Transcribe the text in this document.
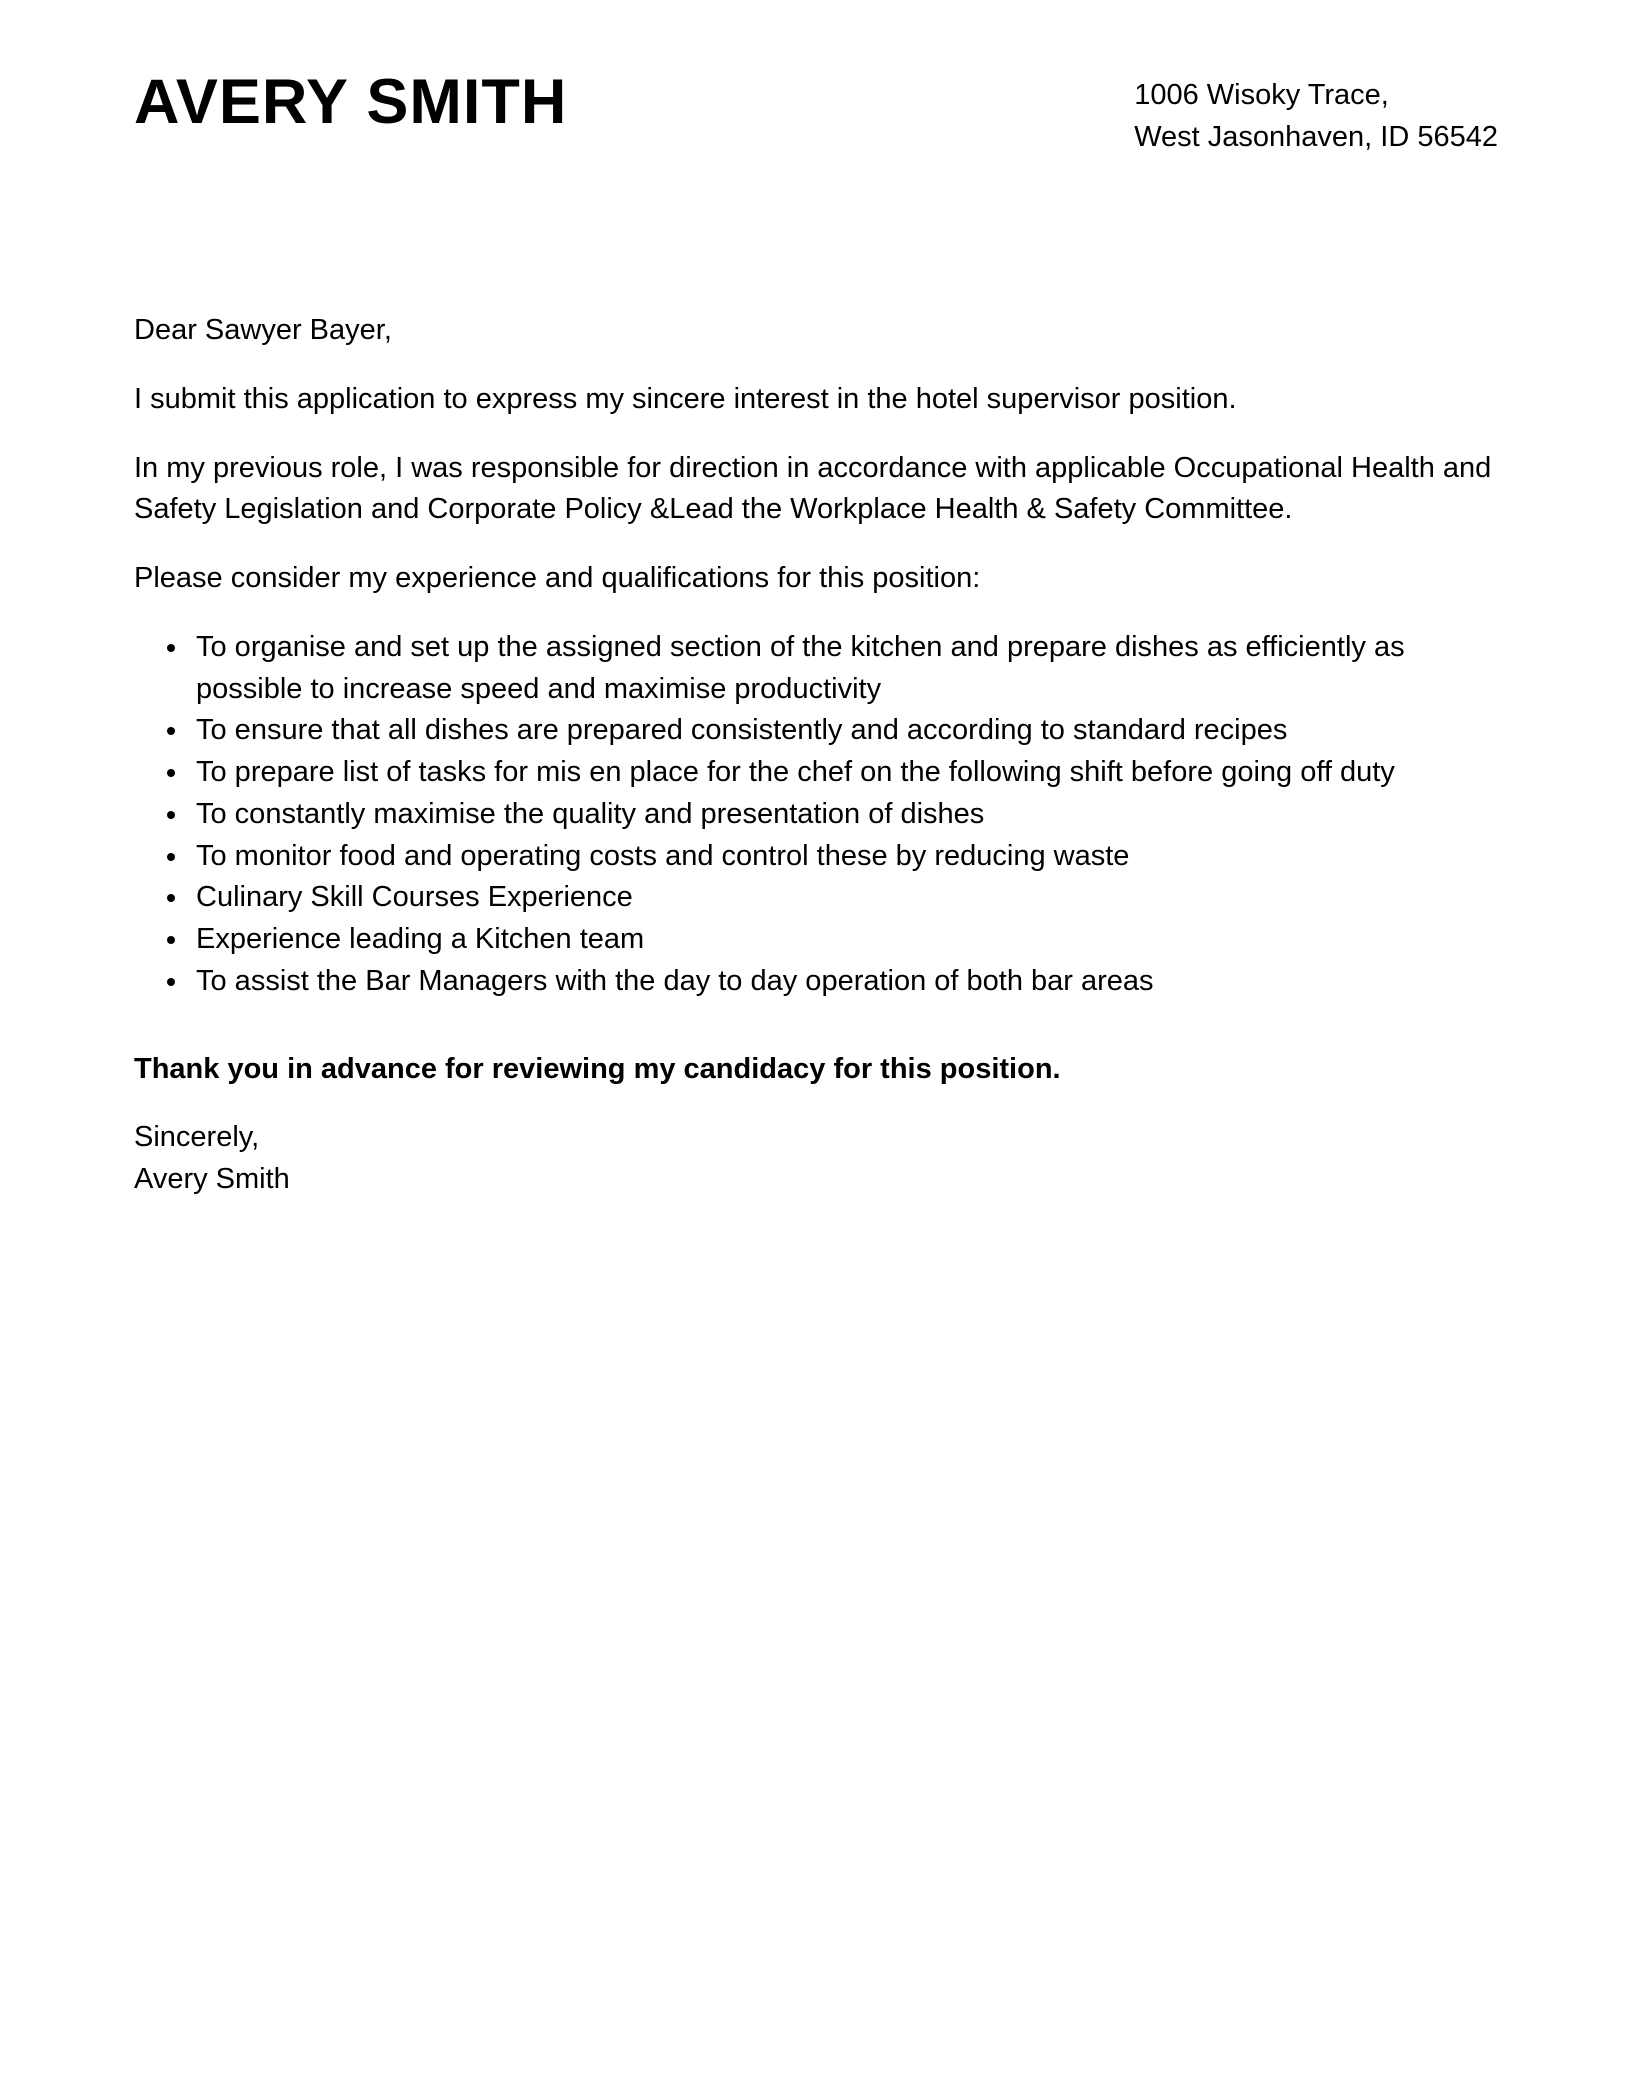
AVERY SMITH	1006 Wisoky Trace,
West Jasonhaven, ID 56542

Dear Sawyer Bayer,

I submit this application to express my sincere interest in the hotel supervisor position.

In my previous role, I was responsible for direction in accordance with applicable Occupational Health and Safety Legislation and Corporate Policy &Lead the Workplace Health & Safety Committee.

Please consider my experience and qualifications for this position:

• To organise and set up the assigned section of the kitchen and prepare dishes as efficiently as possible to increase speed and maximise productivity
• To ensure that all dishes are prepared consistently and according to standard recipes
• To prepare list of tasks for mis en place for the chef on the following shift before going off duty
• To constantly maximise the quality and presentation of dishes
• To monitor food and operating costs and control these by reducing waste
• Culinary Skill Courses Experience
• Experience leading a Kitchen team
• To assist the Bar Managers with the day to day operation of both bar areas

Thank you in advance for reviewing my candidacy for this position.

Sincerely,
Avery Smith
